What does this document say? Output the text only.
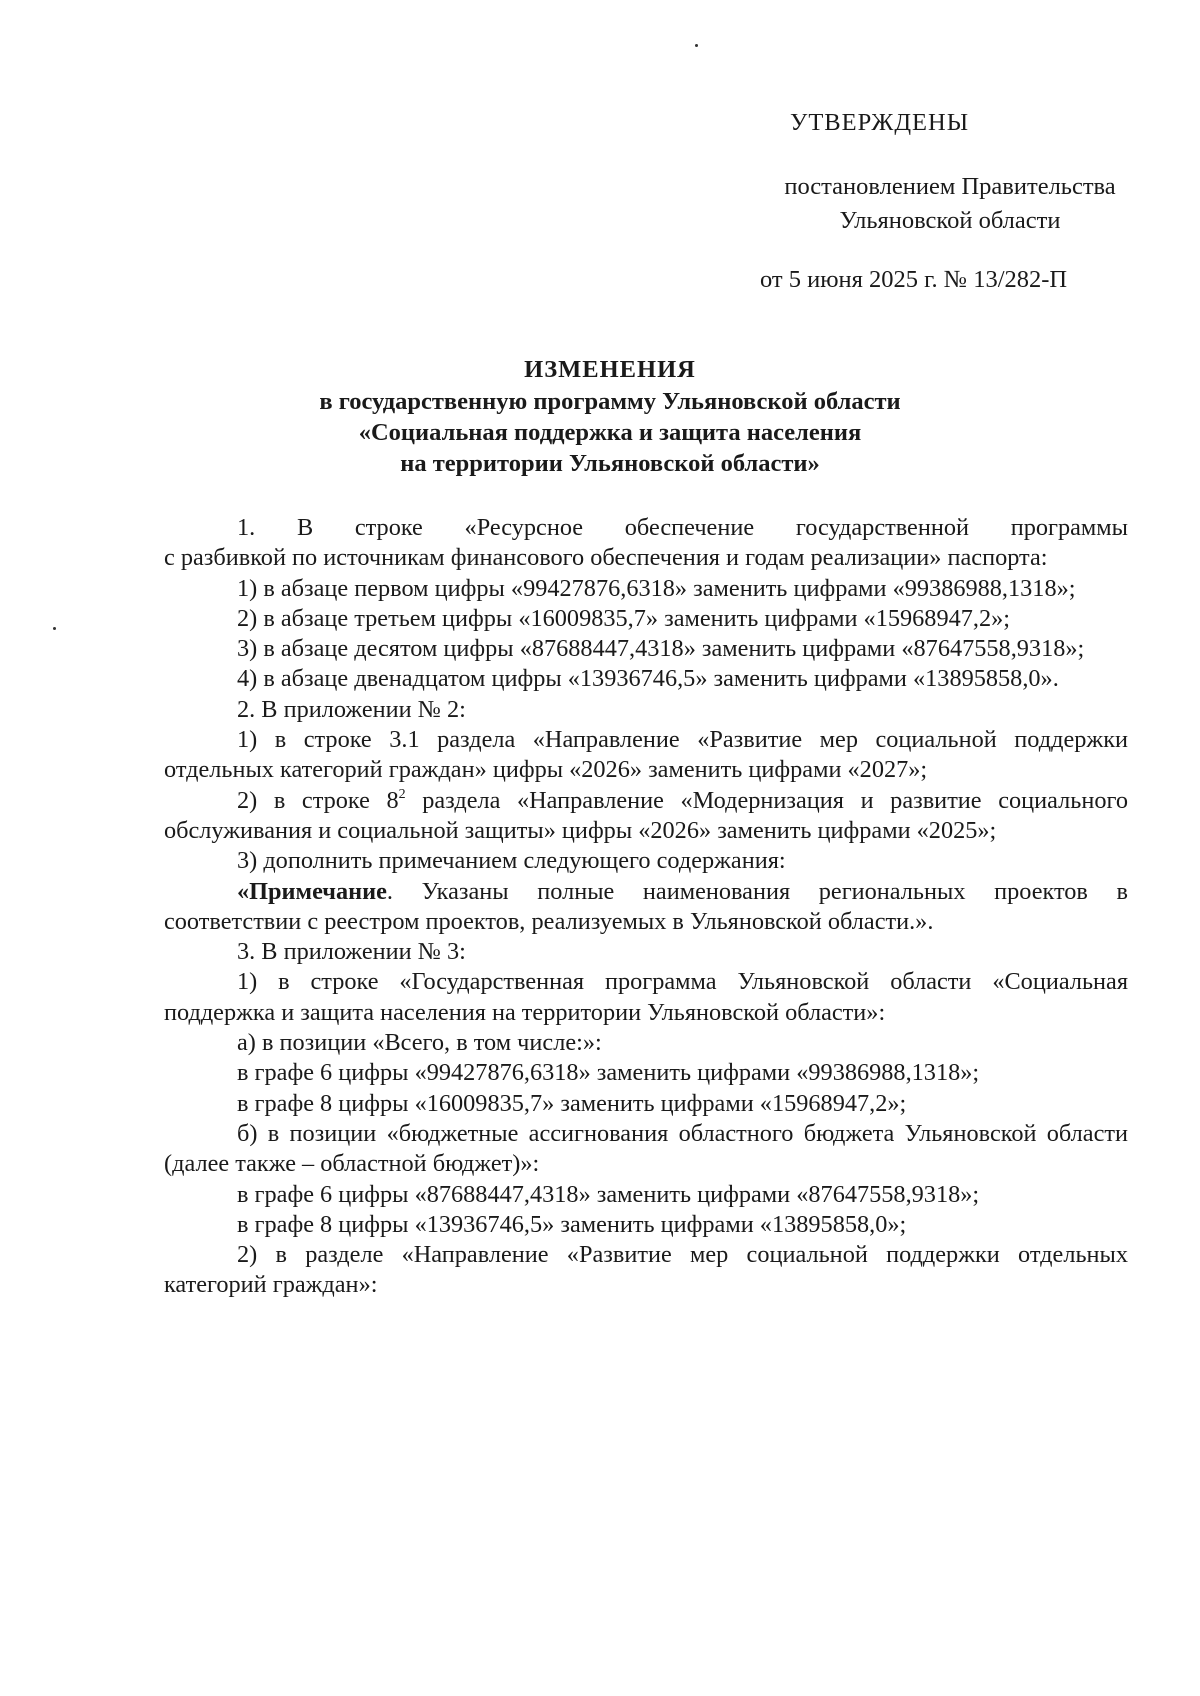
УТВЕРЖДЕНЫ
постановлением Правительства
Ульяновской области
от 5 июня 2025 г. № 13/282-П
ИЗМЕНЕНИЯ
в государственную программу Ульяновской области
«Социальная поддержка и защита населения
на территории Ульяновской области»

1. В строке «Ресурсное обеспечение государственной программы

с разбивкой по источникам финансового обеспечения и годам реализации» паспорта:

1) в абзаце первом цифры «99427876,6318» заменить цифрами «99386988,1318»;

2) в абзаце третьем цифры «16009835,7» заменить цифрами «15968947,2»;

3) в абзаце десятом цифры «87688447,4318» заменить цифрами «87647558,9318»;

4) в абзаце двенадцатом цифры «13936746,5» заменить цифрами «13895858,0».

2. В приложении № 2:

1) в строке 3.1 раздела «Направление «Развитие мер социальной поддержки отдельных категорий граждан» цифры «2026» заменить цифрами «2027»;

2) в строке $8^2$ раздела «Направление «Модернизация и развитие социального обслуживания и социальной защиты» цифры «2026» заменить цифрами «2025»;

3) дополнить примечанием следующего содержания:

«Примечание. Указаны полные наименования региональных проектов в соответствии с реестром проектов, реализуемых в Ульяновской области.».

3. В приложении № 3:

1) в строке «Государственная программа Ульяновской области «Социальная поддержка и защита населения на территории Ульяновской области»:

а) в позиции «Всего, в том числе:»:

в графе 6 цифры «99427876,6318» заменить цифрами «99386988,1318»;

в графе 8 цифры «16009835,7» заменить цифрами «15968947,2»;

б) в позиции «бюджетные ассигнования областного бюджета Ульяновской области (далее также – областной бюджет)»:

в графе 6 цифры «87688447,4318» заменить цифрами «87647558,9318»;

в графе 8 цифры «13936746,5» заменить цифрами «13895858,0»;

2) в разделе «Направление «Развитие мер социальной поддержки отдельных категорий граждан»:
